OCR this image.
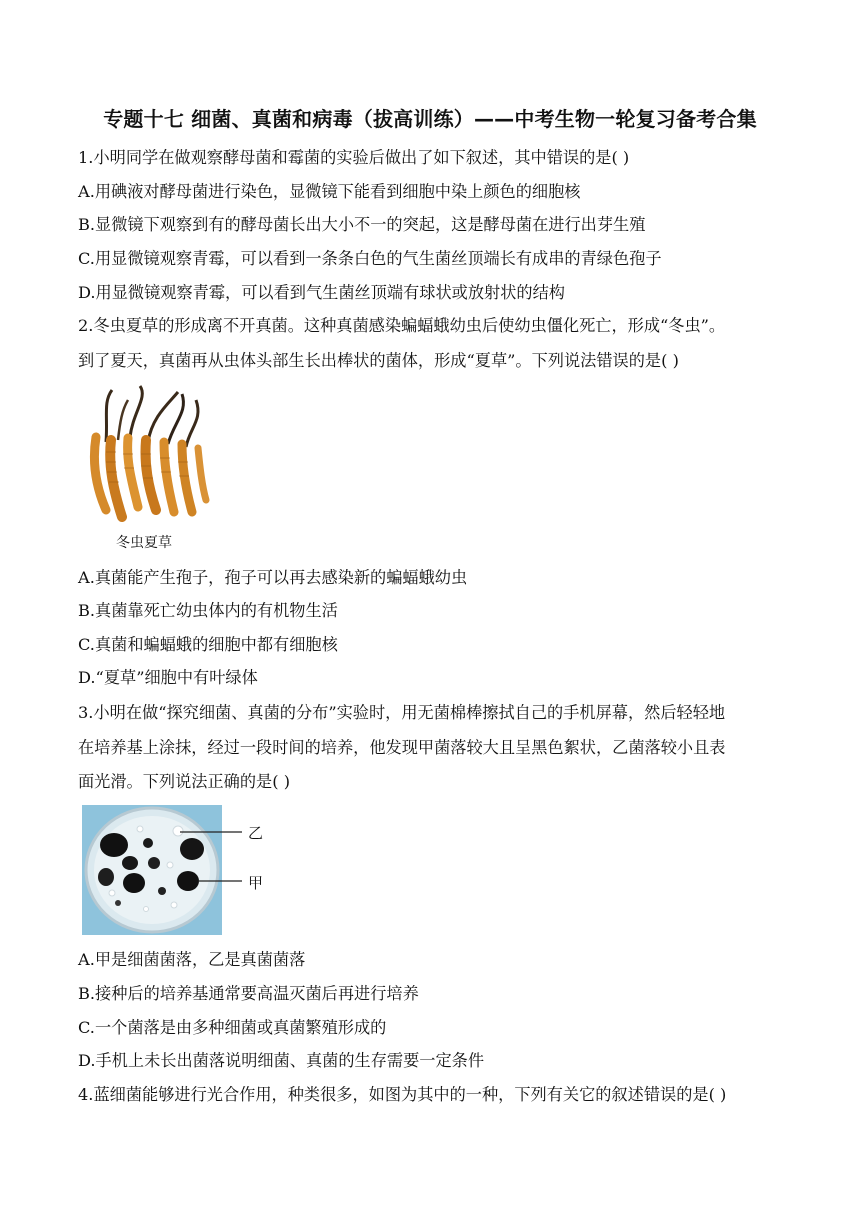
专题十七 细菌、真菌和病毒（拔高训练）——中考生物一轮复习备考合集
1.小明同学在做观察酵母菌和霉菌的实验后做出了如下叙述，其中错误的是( )
A.用碘液对酵母菌进行染色，显微镜下能看到细胞中染上颜色的细胞核
B.显微镜下观察到有的酵母菌长出大小不一的突起，这是酵母菌在进行出芽生殖
C.用显微镜观察青霉，可以看到一条条白色的气生菌丝顶端长有成串的青绿色孢子
D.用显微镜观察青霉，可以看到气生菌丝顶端有球状或放射状的结构
2.冬虫夏草的形成离不开真菌。这种真菌感染蝙蝠蛾幼虫后使幼虫僵化死亡，形成“冬虫”。
到了夏天，真菌再从虫体头部生长出棒状的菌体，形成“夏草”。下列说法错误的是( )
冬虫夏草
A.真菌能产生孢子，孢子可以再去感染新的蝙蝠蛾幼虫
B.真菌靠死亡幼虫体内的有机物生活
C.真菌和蝙蝠蛾的细胞中都有细胞核
D.“夏草”细胞中有叶绿体
3.小明在做“探究细菌、真菌的分布”实验时，用无菌棉棒擦拭自己的手机屏幕，然后轻轻地
在培养基上涂抹，经过一段时间的培养，他发现甲菌落较大且呈黑色絮状，乙菌落较小且表
面光滑。下列说法正确的是( )
乙
甲
A.甲是细菌菌落，乙是真菌菌落
B.接种后的培养基通常要高温灭菌后再进行培养
C.一个菌落是由多种细菌或真菌繁殖形成的
D.手机上未长出菌落说明细菌、真菌的生存需要一定条件
4.蓝细菌能够进行光合作用，种类很多，如图为其中的一种，下列有关它的叙述错误的是( )
